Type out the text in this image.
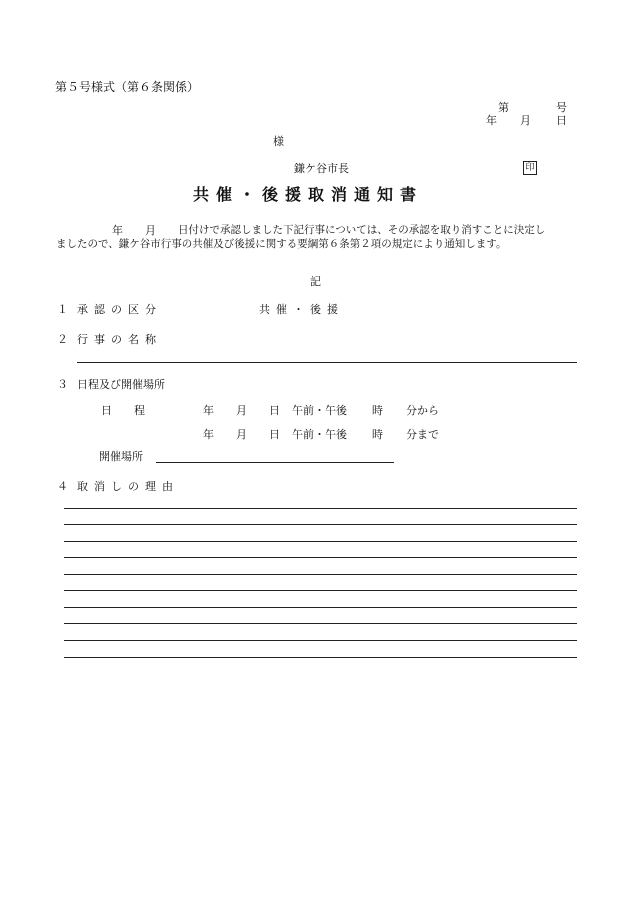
第５号様式（第６条関係）
第	号
年 月 日
様
鎌ケ谷市長	印
共催・後援取消通知書
年 月 日付けで承認しました下記行事については、その承認を取り消すことに決定し
ましたので、鎌ケ谷市行事の共催及び後援に関する要綱第６条第２項の規定により通知します。
記
１ 承認の区分	共催・後援
２ 行事の名称
３ 日程及び開催場所
日　　程	年 月 日 午前・午後 時 分から
年 月 日 午前・午後 時 分まで
開催場所
４ 取消しの理由
